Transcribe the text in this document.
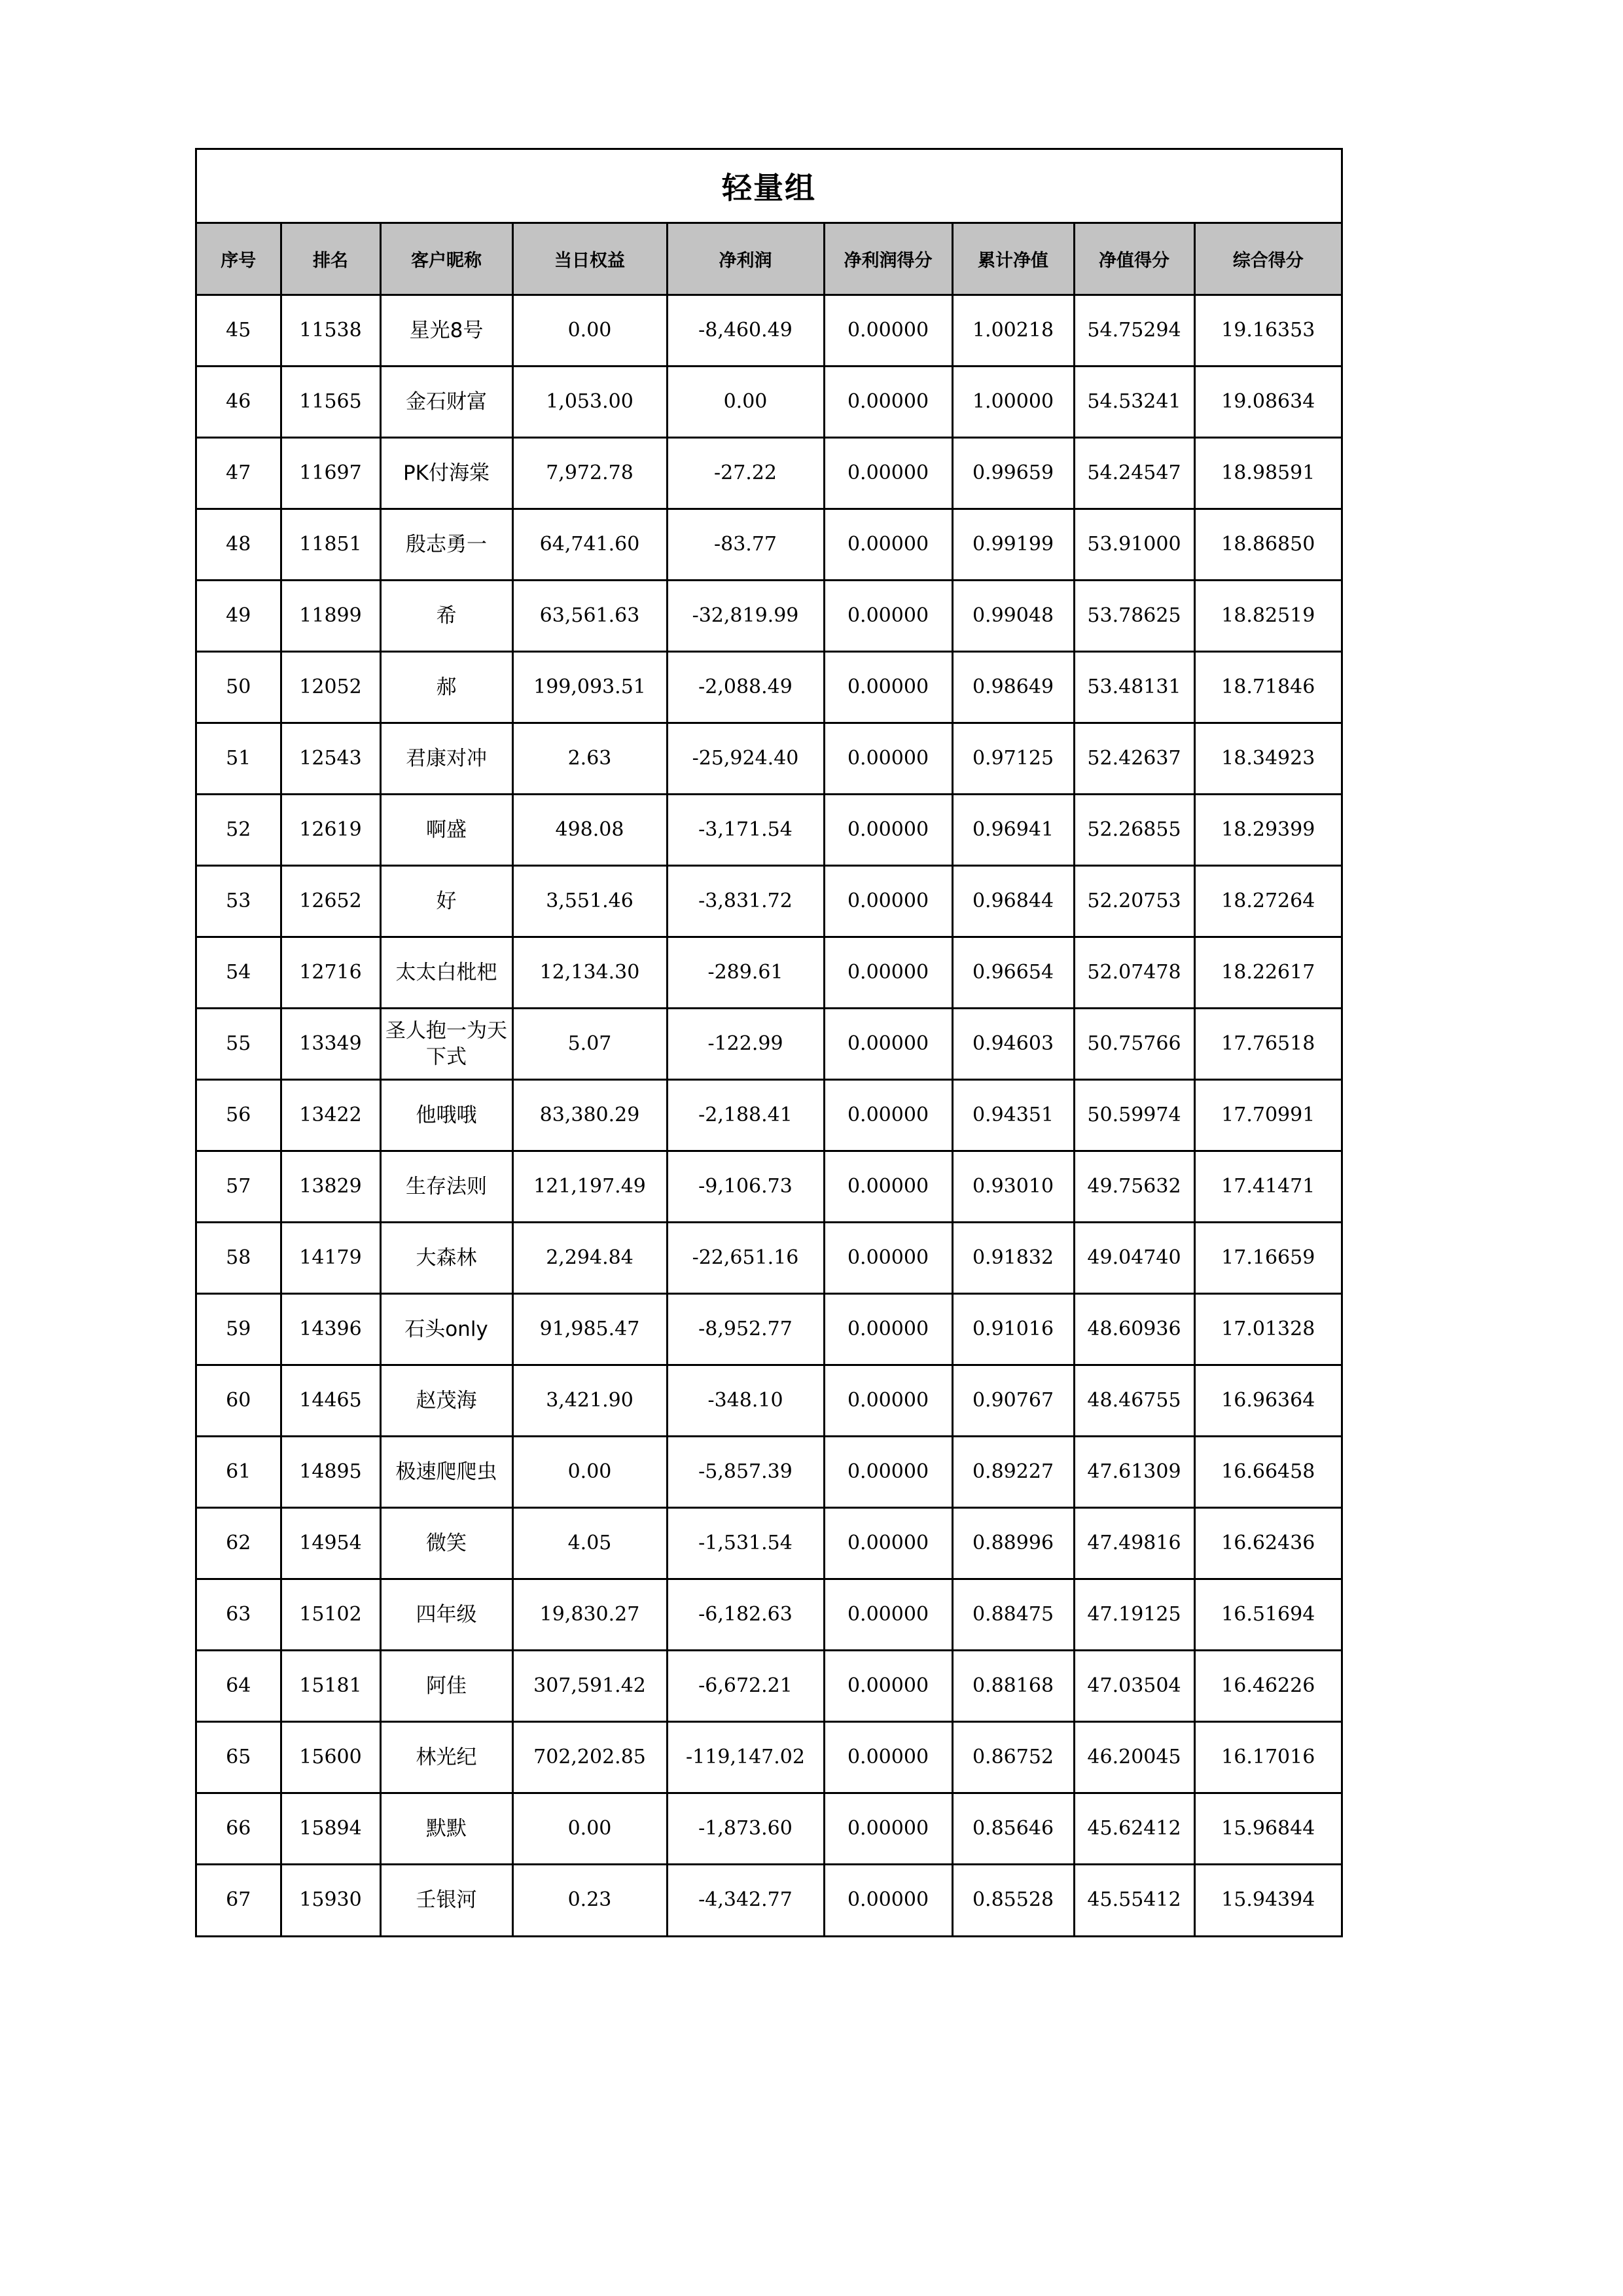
轻量组
序号	排名	客户昵称	当日权益	净利润	净利润得分	累计净值	净值得分	综合得分
45	11538	星光8号	0.00	-8,460.49	0.00000	1.00218	54.75294	19.16353
46	11565	金石财富	1,053.00	0.00	0.00000	1.00000	54.53241	19.08634
47	11697	PK付海棠	7,972.78	-27.22	0.00000	0.99659	54.24547	18.98591
48	11851	殷志勇一	64,741.60	-83.77	0.00000	0.99199	53.91000	18.86850
49	11899	希	63,561.63	-32,819.99	0.00000	0.99048	53.78625	18.82519
50	12052	郝	199,093.51	-2,088.49	0.00000	0.98649	53.48131	18.71846
51	12543	君康对冲	2.63	-25,924.40	0.00000	0.97125	52.42637	18.34923
52	12619	啊盛	498.08	-3,171.54	0.00000	0.96941	52.26855	18.29399
53	12652	好	3,551.46	-3,831.72	0.00000	0.96844	52.20753	18.27264
54	12716	太太白枇杷	12,134.30	-289.61	0.00000	0.96654	52.07478	18.22617
55	13349	圣人抱一为天下式	5.07	-122.99	0.00000	0.94603	50.75766	17.76518
56	13422	他哦哦	83,380.29	-2,188.41	0.00000	0.94351	50.59974	17.70991
57	13829	生存法则	121,197.49	-9,106.73	0.00000	0.93010	49.75632	17.41471
58	14179	大森林	2,294.84	-22,651.16	0.00000	0.91832	49.04740	17.16659
59	14396	石头only	91,985.47	-8,952.77	0.00000	0.91016	48.60936	17.01328
60	14465	赵茂海	3,421.90	-348.10	0.00000	0.90767	48.46755	16.96364
61	14895	极速爬爬虫	0.00	-5,857.39	0.00000	0.89227	47.61309	16.66458
62	14954	微笑	4.05	-1,531.54	0.00000	0.88996	47.49816	16.62436
63	15102	四年级	19,830.27	-6,182.63	0.00000	0.88475	47.19125	16.51694
64	15181	阿佳	307,591.42	-6,672.21	0.00000	0.88168	47.03504	16.46226
65	15600	林光纪	702,202.85	-119,147.02	0.00000	0.86752	46.20045	16.17016
66	15894	默默	0.00	-1,873.60	0.00000	0.85646	45.62412	15.96844
67	15930	壬银河	0.23	-4,342.77	0.00000	0.85528	45.55412	15.94394
